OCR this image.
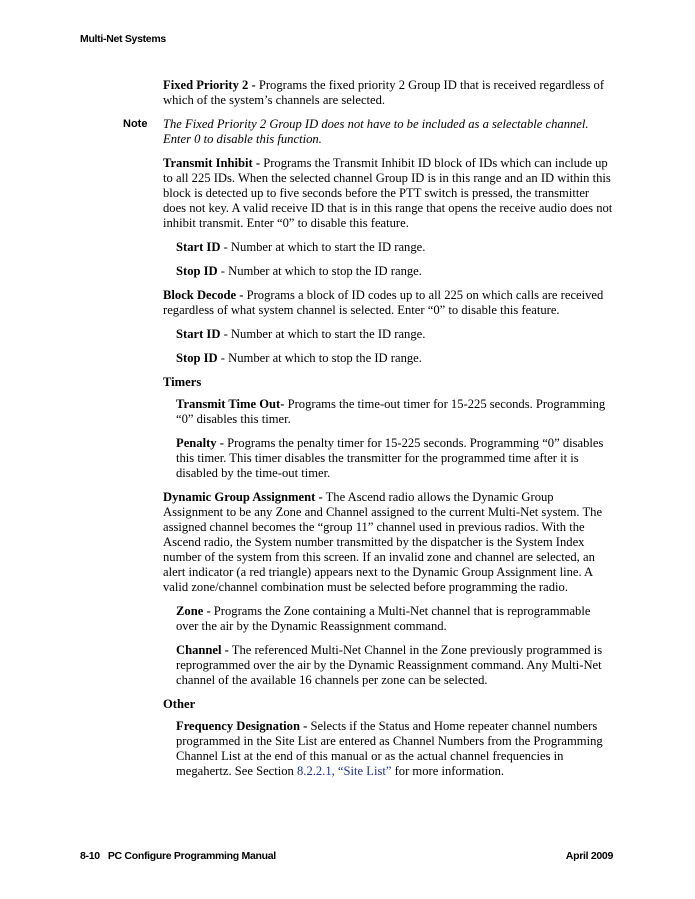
Multi-Net Systems

Fixed Priority 2 - Programs the fixed priority 2 Group ID that is received regardless of which of the system’s channels are selected.

Note The Fixed Priority 2 Group ID does not have to be included as a selectable channel. Enter 0 to disable this function.

Transmit Inhibit - Programs the Transmit Inhibit ID block of IDs which can include up to all 225 IDs. When the selected channel Group ID is in this range and an ID within this block is detected up to five seconds before the PTT switch is pressed, the transmitter does not key. A valid receive ID that is in this range that opens the receive audio does not inhibit transmit. Enter “0” to disable this feature.

Start ID - Number at which to start the ID range.

Stop ID - Number at which to stop the ID range.

Block Decode - Programs a block of ID codes up to all 225 on which calls are received regardless of what system channel is selected. Enter “0” to disable this feature.

Start ID - Number at which to start the ID range.

Stop ID - Number at which to stop the ID range.

Timers

Transmit Time Out- Programs the time-out timer for 15-225 seconds. Programming “0” disables this timer.

Penalty - Programs the penalty timer for 15-225 seconds. Programming “0” disables this timer. This timer disables the transmitter for the programmed time after it is disabled by the time-out timer.

Dynamic Group Assignment - The Ascend radio allows the Dynamic Group Assignment to be any Zone and Channel assigned to the current Multi-Net system. The assigned channel becomes the “group 11” channel used in previous radios. With the Ascend radio, the System number transmitted by the dispatcher is the System Index number of the system from this screen. If an invalid zone and channel are selected, an alert indicator (a red triangle) appears next to the Dynamic Group Assignment line. A valid zone/channel combination must be selected before programming the radio.

Zone - Programs the Zone containing a Multi-Net channel that is reprogrammable over the air by the Dynamic Reassignment command.

Channel - The referenced Multi-Net Channel in the Zone previously programmed is reprogrammed over the air by the Dynamic Reassignment command. Any Multi-Net channel of the available 16 channels per zone can be selected.

Other

Frequency Designation - Selects if the Status and Home repeater channel numbers programmed in the Site List are entered as Channel Numbers from the Programming Channel List at the end of this manual or as the actual channel frequencies in megahertz. See Section 8.2.2.1, “Site List” for more information.

8-10 PC Configure Programming Manual	April 2009
